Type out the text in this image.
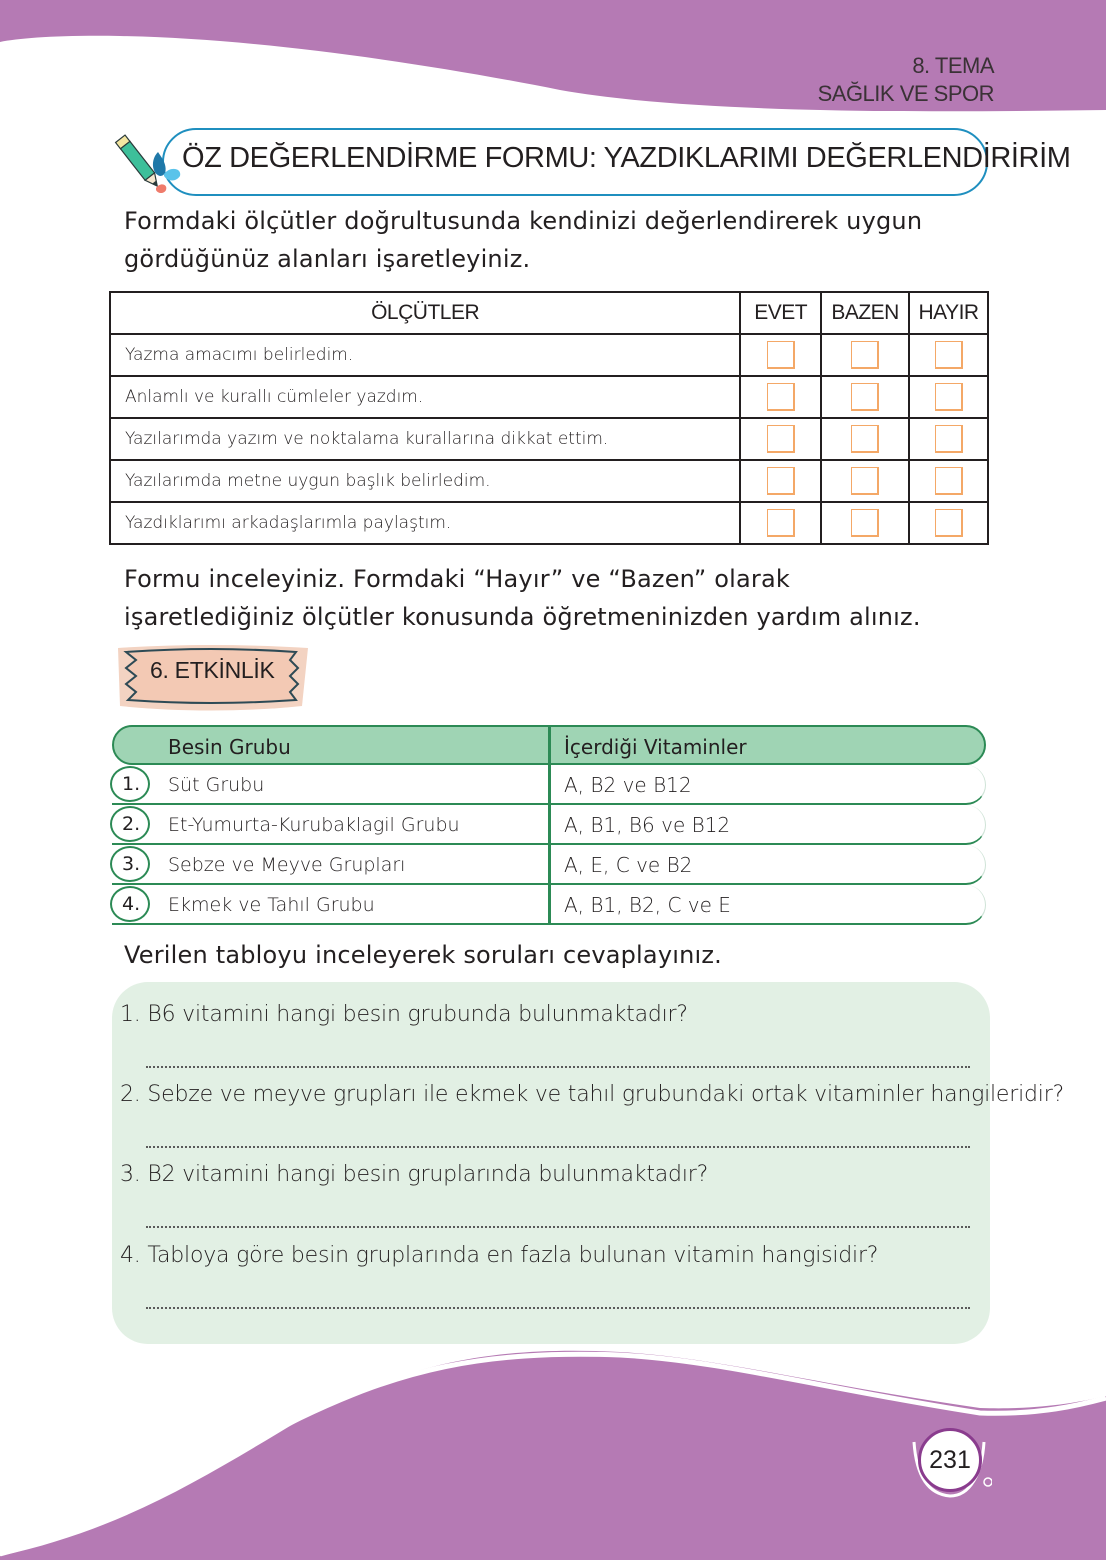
8. TEMA
SAĞLIK VE SPOR
ÖZ DEĞERLENDİRME FORMU: YAZDIKLARIMI DEĞERLENDİRİRİM

Formdaki ölçütler doğrultusunda kendinizi değerlendirerek uygun gördüğünüz alanları işaretleyiniz.

ÖLÇÜTLER	EVET	BAZEN	HAYIR
Yazma amacımı belirledim.			
Anlamlı ve kurallı cümleler yazdım.			
Yazılarımda yazım ve noktalama kurallarına dikkat ettim.			
Yazılarımda metne uygun başlık belirledim.			
Yazdıklarımı arkadaşlarımla paylaştım.			

Formu inceleyiniz. Formdaki “Hayır” ve “Bazen” olarak işaretlediğiniz ölçütler konusunda öğretmeninizden yardım alınız.

6. ETKİNLİK
Besin Grubu	İçerdiği Vitaminler
1.	Süt Grubu	A, B2 ve B12
2.	Et-Yumurta-Kurubaklagil Grubu	A, B1, B6 ve B12
3.	Sebze ve Meyve Grupları	A, E, C ve B2
4.	Ekmek ve Tahıl Grubu	A, B1, B2, C ve E

Verilen tabloyu inceleyerek soruları cevaplayınız.

1. B6 vitamini hangi besin grubunda bulunmaktadır?
2. Sebze ve meyve grupları ile ekmek ve tahıl grubundaki ortak vitaminler hangileridir?
3. B2 vitamini hangi besin gruplarında bulunmaktadır?
4. Tabloya göre besin gruplarında en fazla bulunan vitamin hangisidir?
231
